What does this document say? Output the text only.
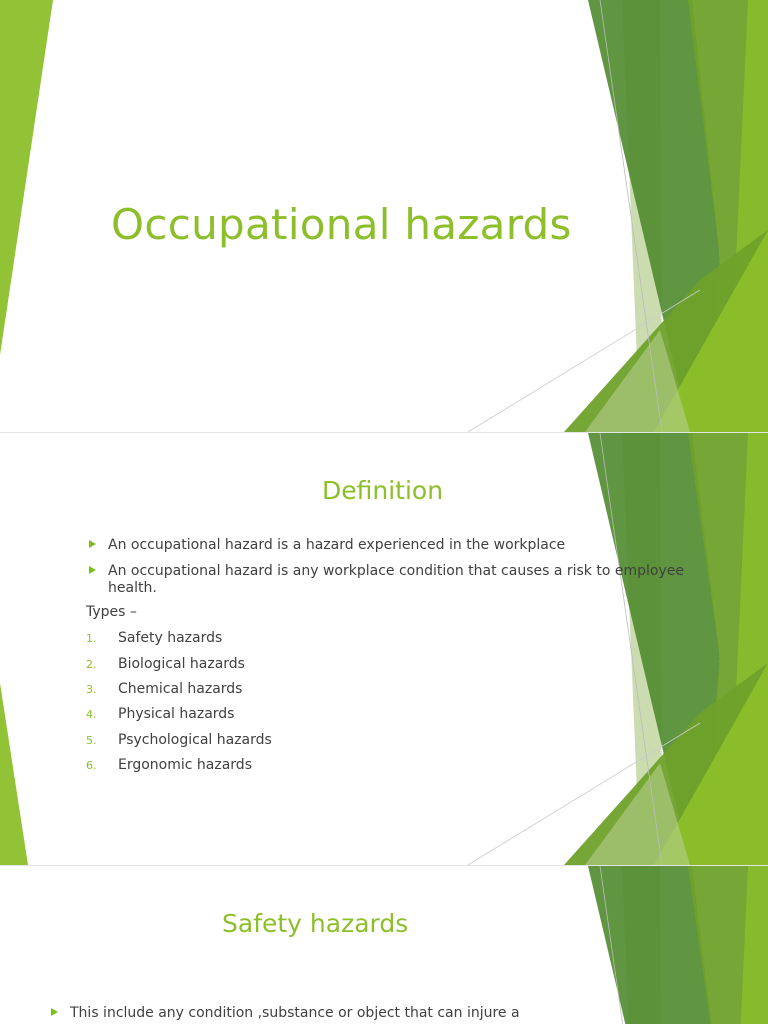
Occupational hazards
Definition
An occupational hazard is a hazard experienced in the workplace
An occupational hazard is any workplace condition that causes a risk to employee health.
Types –
1. Safety hazards
2. Biological hazards
3. Chemical hazards
4. Physical hazards
5. Psychological hazards
6. Ergonomic hazards
Safety hazards
This include any condition ,substance or object that can injure a
